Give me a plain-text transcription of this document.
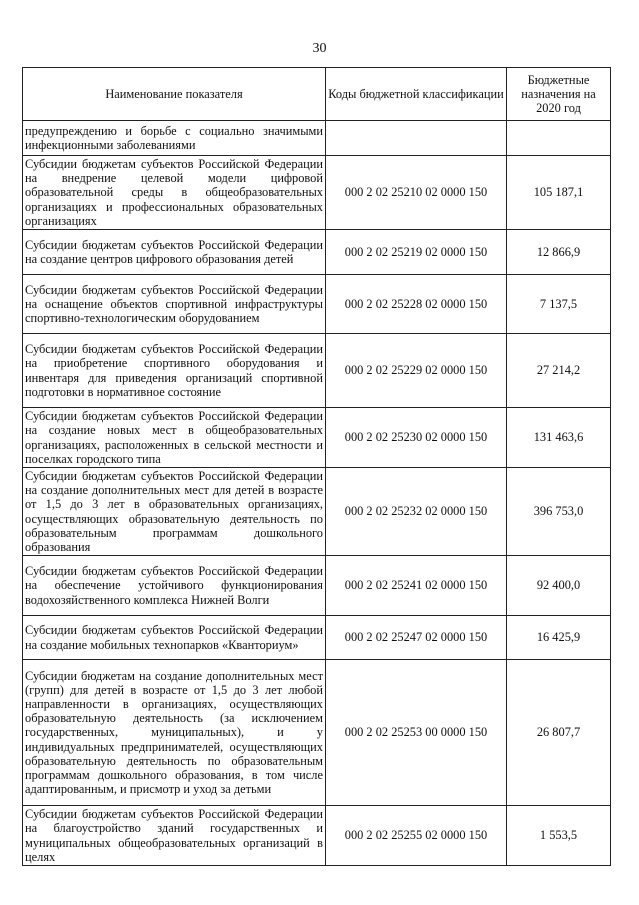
30
Наименование показателя	Коды бюджетной классификации	Бюджетные назначения на 2020 год
предупреждению и борьбе с социально значимыми инфекционными заболеваниями		
Субсидии бюджетам субъектов Российской Федерации на внедрение целевой модели цифровой образовательной среды в общеобразовательных организациях и профессиональных образовательных организациях	000 2 02 25210 02 0000 150	105 187,1
Субсидии бюджетам субъектов Российской Федерации на создание центров цифрового образования детей	000 2 02 25219 02 0000 150	12 866,9
Субсидии бюджетам субъектов Российской Федерации на оснащение объектов спортивной инфраструктуры спортивно-технологическим оборудованием	000 2 02 25228 02 0000 150	7 137,5
Субсидии бюджетам субъектов Российской Федерации на приобретение спортивного оборудования и инвентаря для приведения организаций спортивной подготовки в нормативное состояние	000 2 02 25229 02 0000 150	27 214,2
Субсидии бюджетам субъектов Российской Федерации на создание новых мест в общеобразовательных организациях, расположенных в сельской местности и поселках городского типа	000 2 02 25230 02 0000 150	131 463,6
Субсидии бюджетам субъектов Российской Федерации на создание дополнительных мест для детей в возрасте от 1,5 до 3 лет в образовательных организациях, осуществляющих образовательную деятельность по образовательным программам дошкольного образования	000 2 02 25232 02 0000 150	396 753,0
Субсидии бюджетам субъектов Российской Федерации на обеспечение устойчивого функционирования водохозяйственного комплекса Нижней Волги	000 2 02 25241 02 0000 150	92 400,0
Субсидии бюджетам субъектов Российской Федерации на создание мобильных технопарков «Кванториум»	000 2 02 25247 02 0000 150	16 425,9
Субсидии бюджетам на создание дополнительных мест (групп) для детей в возрасте от 1,5 до 3 лет любой направленности в организациях, осуществляющих образовательную деятельность (за исключением государственных, муниципальных), и у индивидуальных предпринимателей, осуществляющих образовательную деятельность по образовательным программам дошкольного образования, в том числе адаптированным, и присмотр и уход за детьми	000 2 02 25253 00 0000 150	26 807,7
Субсидии бюджетам субъектов Российской Федерации на благоустройство зданий государственных и муниципальных общеобразовательных организаций в целях	000 2 02 25255 02 0000 150	1 553,5
